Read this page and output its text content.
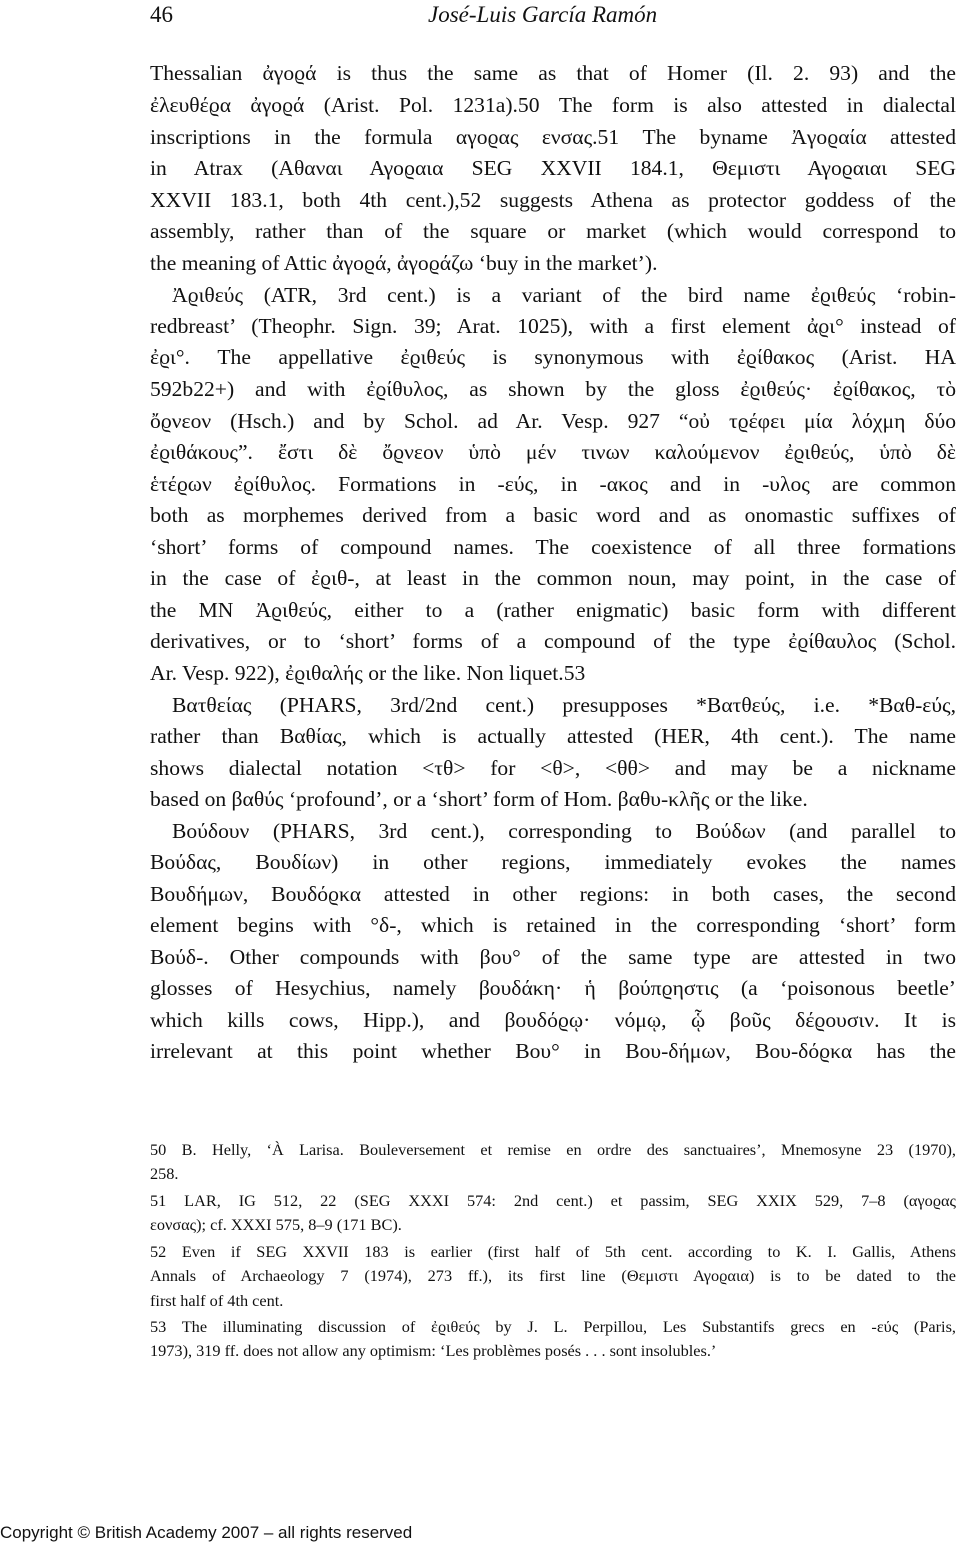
46	José-Luis García Ramón
Thessalian ἀγοϱά is thus the same as that of Homer (Il. 2. 93) and the
ἐλευθέϱα ἀγοϱά (Arist. Pol. 1231a).50 The form is also attested in dialectal
inscriptions in the formula αγοϱας ενσας.51 The byname Ἀγοϱαία attested
in Atrax (Αθαναι Αγοϱαια SEG XXVII 184.1, Θεμιστι Αγοϱαιαι SEG
XXVII 183.1, both 4th cent.),52 suggests Athena as protector goddess of the
assembly, rather than of the square or market (which would correspond to
the meaning of Attic ἀγοϱά, ἀγοϱάζω ‘buy in the market’).
Ἀϱιθεύς (ATR, 3rd cent.) is a variant of the bird name ἐϱιθεύς ‘robin-
redbreast’ (Theophr. Sign. 39; Arat. 1025), with a first element ἀϱι° instead of
ἐϱι°. The appellative ἐϱιθεύς is synonymous with ἐϱίθακος (Arist. HA
592b22+) and with ἐϱίθυλος, as shown by the gloss ἐϱιθεύς· ἐϱίθακος, τὸ
ὄϱνεον (Hsch.) and by Schol. ad Ar. Vesp. 927 “οὐ τϱέφει μία λόχμη δύο
ἐϱιθάκους”. ἔστι δὲ ὄϱνεον ὑπὸ μέν τινων καλούμενον ἐϱιθεύς, ὑπὸ δὲ
ἑτέϱων ἐϱίθυλος. Formations in -εύς, in -ακος and in -υλος are common
both as morphemes derived from a basic word and as onomastic suffixes of
‘short’ forms of compound names. The coexistence of all three formations
in the case of ἐϱιθ-, at least in the common noun, may point, in the case of
the MN Ἀϱιθεύς, either to a (rather enigmatic) basic form with different
derivatives, or to ‘short’ forms of a compound of the type ἐϱίθαυλος (Schol.
Ar. Vesp. 922), ἐϱιθαλής or the like. Non liquet.53
Βατθείας (PHARS, 3rd/2nd cent.) presupposes *Βατθεύς, i.e. *Βαθ-εύς,
rather than Βαθίας, which is actually attested (HER, 4th cent.). The name
shows dialectal notation <τθ> for <θ>, <θθ> and may be a nickname
based on βαθύς ‘profound’, or a ‘short’ form of Hom. βαθυ-κλῆς or the like.
Βούδουν (PHARS, 3rd cent.), corresponding to Βούδων (and parallel to
Βούδας, Βουδίων) in other regions, immediately evokes the names
Βουδήμων, Βουδόϱκα attested in other regions: in both cases, the second
element begins with °δ-, which is retained in the corresponding ‘short’ form
Βούδ-. Other compounds with βου° of the same type are attested in two
glosses of Hesychius, namely βουδάκη· ἡ βούπϱηστις (a ‘poisonous beetle’
which kills cows, Hipp.), and βουδόϱῳ· νόμῳ, ᾧ βοῦς δέϱουσιν. It is
irrelevant at this point whether Βου° in Βου-δήμων, Βου-δόϱκα has the
50 B. Helly, ‘À Larisa. Bouleversement et remise en ordre des sanctuaires’, Mnemosyne 23 (1970),
258.
51 LAR, IG 512, 22 (SEG XXXI 574: 2nd cent.) et passim, SEG XXIX 529, 7–8 (αγοϱας
εονσας); cf. XXXI 575, 8–9 (171 BC).
52 Even if SEG XXVII 183 is earlier (first half of 5th cent. according to K. I. Gallis, Athens
Annals of Archaeology 7 (1974), 273 ff.), its first line (Θεμιστι Αγοϱαια) is to be dated to the
first half of 4th cent.
53 The illuminating discussion of ἐϱιθεύς by J. L. Perpillou, Les Substantifs grecs en -εύς (Paris,
1973), 319 ff. does not allow any optimism: ‘Les problèmes posés . . . sont insolubles.’
Copyright © British Academy 2007 – all rights reserved
